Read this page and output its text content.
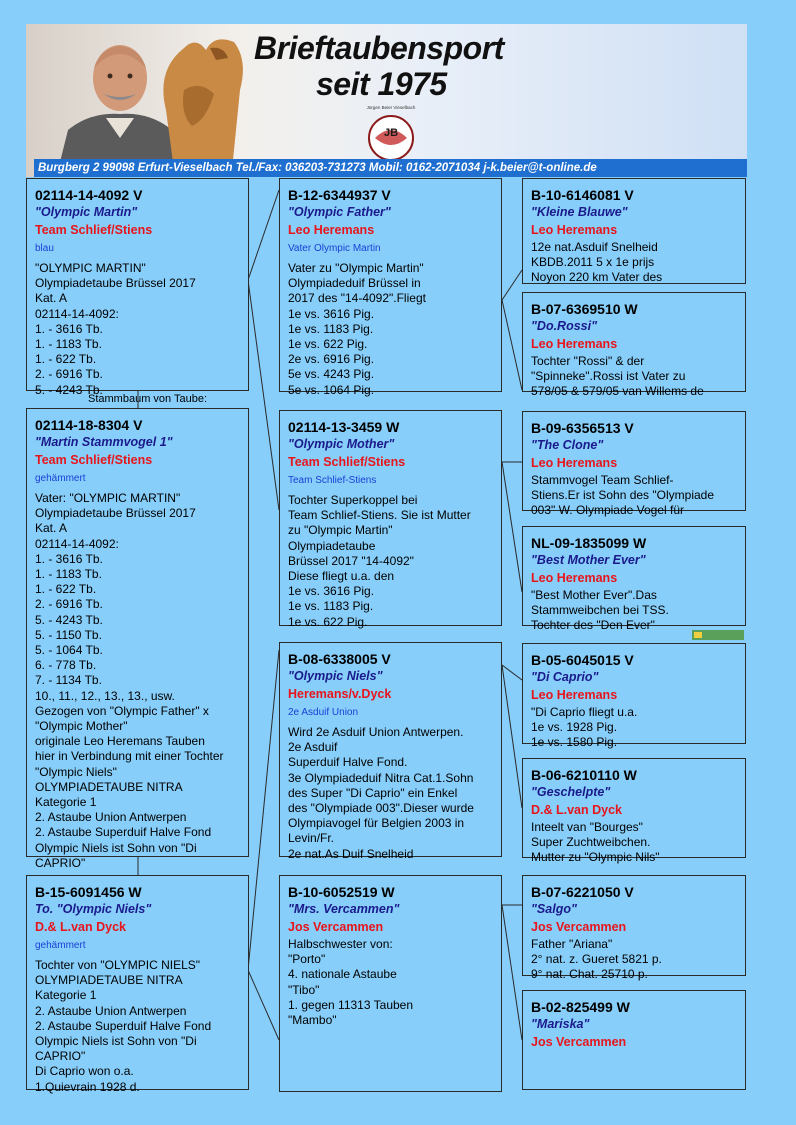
Brieftaubensport
seit 1975
Jürgen Beier Vieselbach
JB
Burgberg 2 99098 Erfurt-Vieselbach Tel./Fax: 036203-731273 Mobil: 0162-2071034 j-k.beier@t-online.de
Stammbaum von Taube:
02114-14-4092 V
"Olympic Martin"
Team Schlief/Stiens
blau
"OLYMPIC MARTIN"
Olympiadetaube Brüssel 2017
Kat. A
02114-14-4092:
1. - 3616 Tb.
1. - 1183 Tb.
1. - 622 Tb.
2. - 6916 Tb.
5. - 4243 Tb.
02114-18-8304 V
"Martin Stammvogel 1"
Team Schlief/Stiens
gehämmert
Vater: "OLYMPIC MARTIN"
Olympiadetaube Brüssel 2017
Kat. A
02114-14-4092:
1. - 3616 Tb.
1. - 1183 Tb.
1. - 622 Tb.
2. - 6916 Tb.
5. - 4243 Tb.
5. - 1150 Tb.
5. - 1064 Tb.
6. - 778 Tb.
7. - 1134 Tb.
10., 11., 12., 13., 13., usw.
Gezogen von "Olympic Father" x
"Olympic Mother"
originale Leo Heremans Tauben
hier in Verbindung mit einer Tochter
"Olympic Niels"
OLYMPIADETAUBE NITRA
Kategorie 1
2. Astaube Union Antwerpen
2. Astaube Superduif Halve Fond
Olympic Niels ist Sohn von "Di
CAPRIO"
B-15-6091456 W
To. "Olympic Niels"
D.& L.van Dyck
gehämmert
Tochter von "OLYMPIC NIELS"
OLYMPIADETAUBE NITRA
Kategorie 1
2. Astaube Union Antwerpen
2. Astaube Superduif Halve Fond
Olympic Niels ist Sohn von "Di
CAPRIO"
Di Caprio won o.a.
1.Quievrain 1928 d.
B-12-6344937 V
"Olympic Father"
Leo Heremans
Vater Olympic Martin
Vater zu "Olympic Martin"
Olympiadeduif Brüssel in
2017 des "14-4092".Fliegt
1e vs. 3616 Pig.
1e vs. 1183 Pig.
1e vs. 622 Pig.
2e vs. 6916 Pig.
5e vs. 4243 Pig.
5e vs. 1064 Pig.
02114-13-3459 W
"Olympic Mother"
Team Schlief/Stiens
Team Schlief-Stiens
Tochter Superkoppel bei
Team Schlief-Stiens. Sie ist Mutter
zu "Olympic Martin"
Olympiadetaube
Brüssel 2017 "14-4092"
Diese fliegt u.a. den
1e vs. 3616 Pig.
1e vs. 1183 Pig.
1e vs. 622 Pig.
B-08-6338005 V
"Olympic Niels"
Heremans/v.Dyck
2e Asduif Union
Wird 2e Asduif Union Antwerpen.
2e Asduif
Superduif Halve Fond.
3e Olympiadeduif Nitra Cat.1.Sohn
des Super "Di Caprio" ein Enkel
des "Olympiade 003".Dieser wurde
Olympiavogel für Belgien 2003 in
Levin/Fr.
2e nat.As Duif Snelheid
B-10-6052519 W
"Mrs. Vercammen"
Jos Vercammen
Halbschwester von:
"Porto"
4. nationale Astaube
"Tibo"
1. gegen 11313 Tauben
"Mambo"
B-10-6146081 V
"Kleine Blauwe"
Leo Heremans
12e nat.Asduif Snelheid
KBDB.2011 5 x 1e prijs
Noyon 220 km Vater des
B-07-6369510 W
"Do.Rossi"
Leo Heremans
Tochter "Rossi" & der
"Spinneke".Rossi ist Vater zu
578/05 & 579/05 van Willems de
B-09-6356513 V
"The Clone"
Leo Heremans
Stammvogel Team Schlief-
Stiens.Er ist Sohn des "Olympiade
003" W. Olympiade Vogel für
NL-09-1835099 W
"Best Mother Ever"
Leo Heremans
"Best Mother Ever".Das
Stammweibchen bei TSS.
Tochter des "Den Ever"
B-05-6045015 V
"Di Caprio"
Leo Heremans
"Di Caprio fliegt u.a.
1e vs. 1928 Pig.
1e vs. 1580 Pig.
B-06-6210110 W
"Geschelpte"
D.& L.van Dyck
Inteelt van "Bourges"
Super Zuchtweibchen.
Mutter zu "Olympic Nils"
B-07-6221050 V
"Salgo"
Jos Vercammen
Father "Ariana"
2° nat. z. Gueret 5821 p.
9° nat. Chat. 25710 p.
B-02-825499 W
"Mariska"
Jos Vercammen
